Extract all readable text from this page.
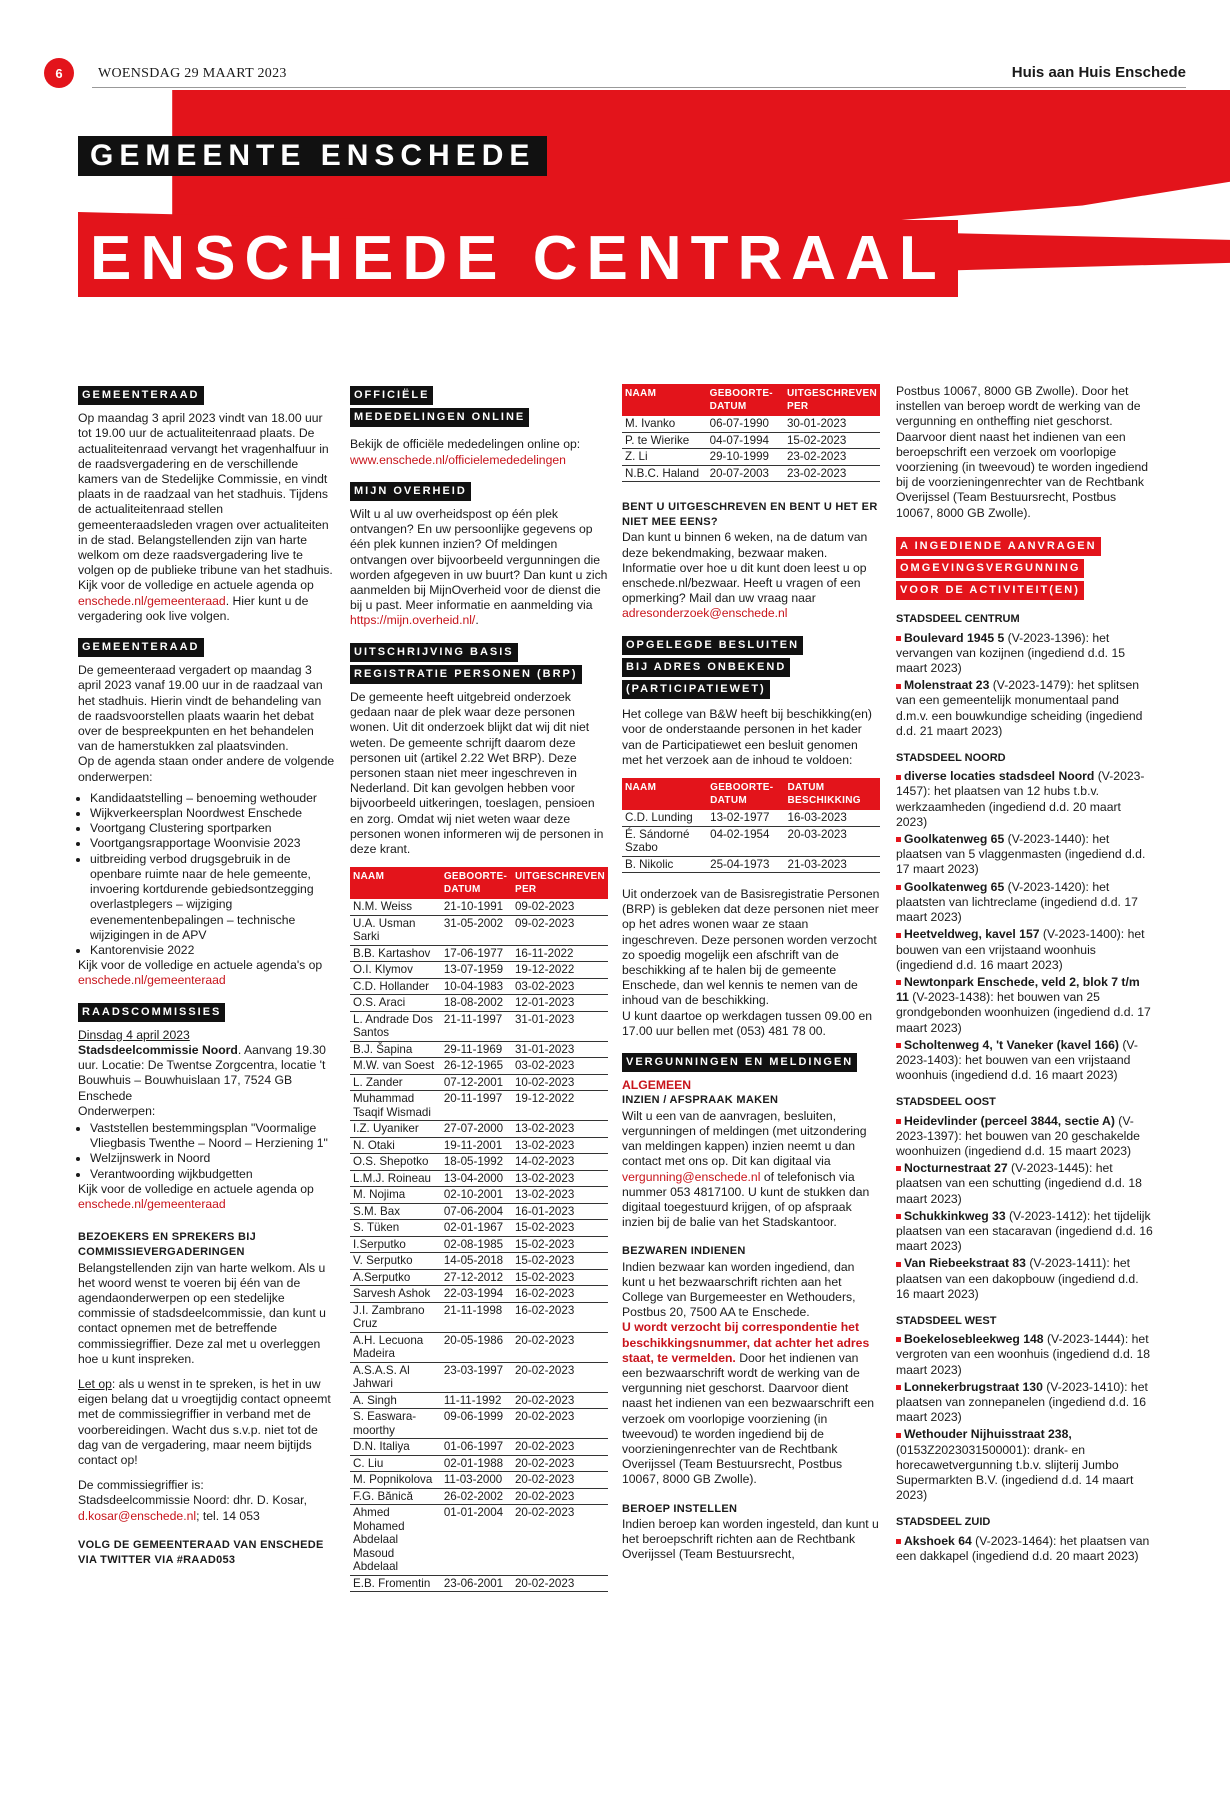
6	WOENSDAG 29 MAART 2023	Huis aan Huis Enschede
GEMEENTE ENSCHEDE
ENSCHEDE CENTRAAL
GEMEENTERAAD

Op maandag 3 april 2023 vindt van 18.00 uur tot 19.00 uur de actualiteitenraad plaats. De actualiteitenraad vervangt het vragenhalfuur in de raadsvergadering en de verschillende kamers van de Stedelijke Commissie, en vindt plaats in de raadzaal van het stadhuis. Tijdens de actualiteitenraad stellen gemeenteraadsleden vragen over actualiteiten in de stad. Belangstellenden zijn van harte welkom om deze raadsvergadering live te volgen op de publieke tribune van het stadhuis.

Kijk voor de volledige en actuele agenda op enschede.nl/gemeenteraad. Hier kunt u de vergadering ook live volgen.

GEMEENTERAAD

De gemeenteraad vergadert op maandag 3 april 2023 vanaf 19.00 uur in de raadzaal van het stadhuis. Hierin vindt de behandeling van de raadsvoorstellen plaats waarin het debat over de bespreekpunten en het behandelen van de hamerstukken zal plaatsvinden.

Op de agenda staan onder andere de volgende onderwerpen:

• Kandidaatstelling – benoeming wethouder
• Wijkverkeersplan Noordwest Enschede
• Voortgang Clustering sportparken
• Voortgangsrapportage Woonvisie 2023
• uitbreiding verbod drugsgebruik in de openbare ruimte naar de hele gemeente, invoering kortdurende gebiedsontzegging overlastplegers – wijziging evenementenbepalingen – technische wijzigingen in de APV
• Kantorenvisie 2022

Kijk voor de volledige en actuele agenda's op enschede.nl/gemeenteraad

RAADSCOMMISSIES
Dinsdag 4 april 2023
Stadsdeelcommissie Noord. Aanvang 19.30 uur. Locatie: De Twentse Zorgcentra, locatie 't Bouwhuis – Bouwhuislaan 17, 7524 GB Enschede
Onderwerpen:
• Vaststellen bestemmingsplan "Voormalige Vliegbasis Twenthe – Noord – Herziening 1"
• Welzijnswerk in Noord
• Verantwoording wijkbudgetten

Kijk voor de volledige en actuele agenda op enschede.nl/gemeenteraad

BEZOEKERS EN SPREKERS BIJ COMMISSIEVERGADERINGEN

Belangstellenden zijn van harte welkom. Als u het woord wenst te voeren bij één van de agendaonderwerpen op een stedelijke commissie of stadsdeelcommissie, dan kunt u contact opnemen met de betreffende commissiegriffier. Deze zal met u overleggen hoe u kunt inspreken.

Let op: als u wenst in te spreken, is het in uw eigen belang dat u vroegtijdig contact opneemt met de commissiegriffier in verband met de voorbereidingen. Wacht dus s.v.p. niet tot de dag van de vergadering, maar neem bijtijds contact op!

De commissiegriffier is:
Stadsdeelcommissie Noord: dhr. D. Kosar,

d.kosar@enschede.nl; tel. 14 053

VOLG DE GEMEENTERAAD VAN ENSCHEDE VIA TWITTER VIA #RAAD053
OFFICIËLE
MEDEDELINGEN ONLINE

Bekijk de officiële mededelingen online op:
www.enschede.nl/officielemededelingen

MIJN OVERHEID

Wilt u al uw overheidspost op één plek ontvangen? En uw persoonlijke gegevens op één plek kunnen inzien? Of meldingen ontvangen over bijvoorbeeld vergunningen die worden afgegeven in uw buurt? Dan kunt u zich aanmelden bij MijnOverheid voor de dienst die bij u past. Meer informatie en aanmelding via https://mijn.overheid.nl/.

UITSCHRIJVING BASIS
REGISTRATIE PERSONEN (BRP)

De gemeente heeft uitgebreid onderzoek gedaan naar de plek waar deze personen wonen. Uit dit onderzoek blijkt dat wij dit niet weten. De gemeente schrijft daarom deze personen uit (artikel 2.22 Wet BRP). Deze personen staan niet meer ingeschreven in Nederland. Dit kan gevolgen hebben voor bijvoorbeeld uitkeringen, toeslagen, pensioen en zorg. Omdat wij niet weten waar deze personen wonen informeren wij de personen in deze krant.

NAAM	GEBOORTE-DATUM	UITGESCHREVEN PER
N.M. Weiss	21-10-1991	09-02-2023
U.A. Usman Sarki	31-05-2002	09-02-2023
B.B. Kartashov	17-06-1977	16-11-2022
O.I. Klymov	13-07-1959	19-12-2022
C.D. Hollander	10-04-1983	03-02-2023
O.S. Araci	18-08-2002	12-01-2023
L. Andrade Dos Santos	21-11-1997	31-01-2023
B.J. Šapina	29-11-1969	31-01-2023
M.W. van Soest	26-12-1965	03-02-2023
L. Zander	07-12-2001	10-02-2023
Muhammad Tsaqif Wismadi	20-11-1997	19-12-2022
I.Z. Uyaniker	27-07-2000	13-02-2023
N. Otaki	19-11-2001	13-02-2023
O.S. Shepotko	18-05-1992	14-02-2023
L.M.J. Roineau	13-04-2000	13-02-2023
M. Nojima	02-10-2001	13-02-2023
S.M. Bax	07-06-2004	16-01-2023
S. Tüken	02-01-1967	15-02-2023
I.Serputko	02-08-1985	15-02-2023
V. Serputko	14-05-2018	15-02-2023
A.Serputko	27-12-2012	15-02-2023
Sarvesh Ashok	22-03-1994	16-02-2023
J.I. Zambrano Cruz	21-11-1998	16-02-2023
A.H. Lecuona Madeira	20-05-1986	20-02-2023
A.S.A.S. Al Jahwari	23-03-1997	20-02-2023
A. Singh	11-11-1992	20-02-2023
S. Easwara-moorthy	09-06-1999	20-02-2023
D.N. Italiya	01-06-1997	20-02-2023
C. Liu	02-01-1988	20-02-2023
M. Popnikolova	11-03-2000	20-02-2023
F.G. Bănică	26-02-2002	20-02-2023
Ahmed Mohamed Abdelaal Masoud Abdelaal	01-01-2004	20-02-2023
E.B. Fromentin	23-06-2001	20-02-2023
NAAM	GEBOORTE-DATUM	UITGESCHREVEN PER
M. Ivanko	06-07-1990	30-01-2023
P. te Wierike	04-07-1994	15-02-2023
Z. Li	29-10-1999	23-02-2023
N.B.C. Haland	20-07-2003	23-02-2023
BENT U UITGESCHREVEN EN BENT U HET ER NIET MEE EENS?

Dan kunt u binnen 6 weken, na de datum van deze bekendmaking, bezwaar maken. Informatie over hoe u dit kunt doen leest u op enschede.nl/bezwaar. Heeft u vragen of een opmerking? Mail dan uw vraag naar
adresonderzoek@enschede.nl

OPGELEGDE BESLUITEN
BIJ ADRES ONBEKEND
(PARTICIPATIEWET)

Het college van B&W heeft bij beschikking(en) voor de onderstaande personen in het kader van de Participatiewet een besluit genomen met het verzoek aan de inhoud te voldoen:

NAAM	GEBOORTE-DATUM	DATUM BESCHIKKING
C.D. Lunding	13-02-1977	16-03-2023
É. Sándorné Szabo	04-02-1954	20-03-2023
B. Nikolic	25-04-1973	21-03-2023

Uit onderzoek van de Basisregistratie Personen (BRP) is gebleken dat deze personen niet meer op het adres wonen waar ze staan ingeschreven. Deze personen worden verzocht zo spoedig mogelijk een afschrift van de beschikking af te halen bij de gemeente Enschede, dan wel kennis te nemen van de inhoud van de beschikking.

U kunt daartoe op werkdagen tussen 09.00 en 17.00 uur bellen met (053) 481 78 00.

VERGUNNINGEN EN MELDINGEN
ALGEMEEN
INZIEN / AFSPRAAK MAKEN

Wilt u een van de aanvragen, besluiten, vergunningen of meldingen (met uitzondering van meldingen kappen) inzien neemt u dan contact met ons op. Dit kan digitaal via
vergunning@enschede.nl of telefonisch via nummer 053 4817100. U kunt de stukken dan digitaal toegestuurd krijgen, of op afspraak inzien bij de balie van het Stadskantoor.

BEZWAREN INDIENEN

Indien bezwaar kan worden ingediend, dan kunt u het bezwaarschrift richten aan het College van Burgemeester en Wethouders, Postbus 20, 7500 AA te Enschede.
U wordt verzocht bij correspondentie het beschikkingsnummer, dat achter het adres staat, te vermelden. Door het indienen van een bezwaarschrift wordt de werking van de vergunning niet geschorst. Daarvoor dient naast het indienen van een bezwaarschrift een verzoek om voorlopige voorziening (in tweevoud) te worden ingediend bij de voorzieningenrechter van de Rechtbank Overijssel (Team Bestuursrecht, Postbus 10067, 8000 GB Zwolle).

BEROEP INSTELLEN

Indien beroep kan worden ingesteld, dan kunt u het beroepschrift richten aan de Rechtbank Overijssel (Team Bestuursrecht,

Postbus 10067, 8000 GB Zwolle). Door het instellen van beroep wordt de werking van de vergunning en ontheffing niet geschorst. Daarvoor dient naast het indienen van een beroepschrift een verzoek om voorlopige voorziening (in tweevoud) te worden ingediend bij de voorzieningenrechter van de Rechtbank Overijssel (Team Bestuursrecht, Postbus 10067, 8000 GB Zwolle).

A INGEDIENDE AANVRAGEN
OMGEVINGSVERGUNNING
VOOR DE ACTIVITEIT(EN)
STADSDEEL CENTRUM
Boulevard 1945 5 (V-2023-1396): het vervangen van kozijnen (ingediend d.d. 15 maart 2023)
Molenstraat 23 (V-2023-1479): het splitsen van een gemeentelijk monumentaal pand d.m.v. een bouwkundige scheiding (ingediend d.d. 21 maart 2023)
STADSDEEL NOORD
diverse locaties stadsdeel Noord (V-2023-1457): het plaatsen van 12 hubs t.b.v. werkzaamheden (ingediend d.d. 20 maart 2023)
Goolkatenweg 65 (V-2023-1440): het plaatsen van 5 vlaggenmasten (ingediend d.d. 17 maart 2023)
Goolkatenweg 65 (V-2023-1420): het plaatsten van lichtreclame (ingediend d.d. 17 maart 2023)
Heetveldweg, kavel 157 (V-2023-1400): het bouwen van een vrijstaand woonhuis (ingediend d.d. 16 maart 2023)
Newtonpark Enschede, veld 2, blok 7 t/m 11 (V-2023-1438): het bouwen van 25 grondgebonden woonhuizen (ingediend d.d. 17 maart 2023)
Scholtenweg 4, 't Vaneker (kavel 166) (V-2023-1403): het bouwen van een vrijstaand woonhuis (ingediend d.d. 16 maart 2023)
STADSDEEL OOST
Heidevlinder (perceel 3844, sectie A) (V-2023-1397): het bouwen van 20 geschakelde woonhuizen (ingediend d.d. 15 maart 2023)
Nocturnestraat 27 (V-2023-1445): het plaatsen van een schutting (ingediend d.d. 18 maart 2023)
Schukkinkweg 33 (V-2023-1412): het tijdelijk plaatsen van een stacaravan (ingediend d.d. 16 maart 2023)
Van Riebeekstraat 83 (V-2023-1411): het plaatsen van een dakopbouw (ingediend d.d. 16 maart 2023)
STADSDEEL WEST
Boekelosebleekweg 148 (V-2023-1444): het vergroten van een woonhuis (ingediend d.d. 18 maart 2023)
Lonnekerbrugstraat 130 (V-2023-1410): het plaatsen van zonnepanelen (ingediend d.d. 16 maart 2023)
Wethouder Nijhuisstraat 238, (0153Z2023031500001): drank- en horecawetvergunning t.b.v. slijterij Jumbo Supermarkten B.V. (ingediend d.d. 14 maart 2023)
STADSDEEL ZUID
Akshoek 64 (V-2023-1464): het plaatsen van een dakkapel (ingediend d.d. 20 maart 2023)
